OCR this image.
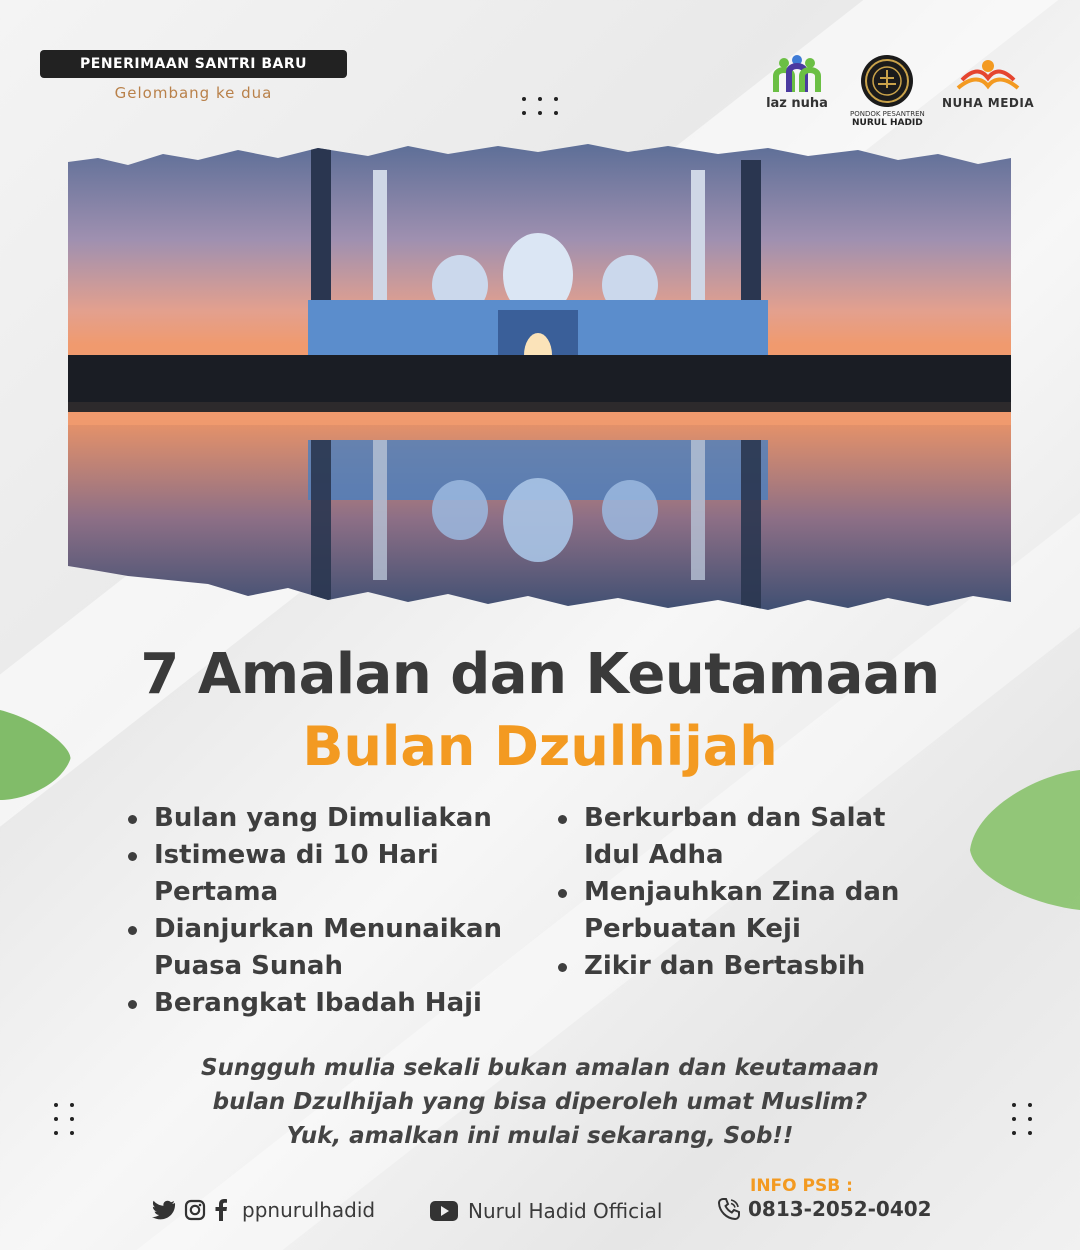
PENERIMAAN SANTRI BARU
Gelombang ke dua
laz nuha
PONDOK PESANTREN
NURUL HADID
NUHA MEDIA
7 Amalan dan Keutamaan
Bulan Dzulhijah
Bulan yang Dimuliakan
Istimewa di 10 Hari Pertama
Dianjurkan Menunaikan Puasa Sunah
Berangkat Ibadah Haji
Berkurban dan Salat Idul Adha
Menjauhkan Zina dan Perbuatan Keji
Zikir dan Bertasbih
Sungguh mulia sekali bukan amalan dan keutamaan
bulan Dzulhijah yang bisa diperoleh umat Muslim?
Yuk, amalkan ini mulai sekarang, Sob!!
ppnurulhadid	Nurul Hadid Official
INFO PSB :
0813-2052-0402
